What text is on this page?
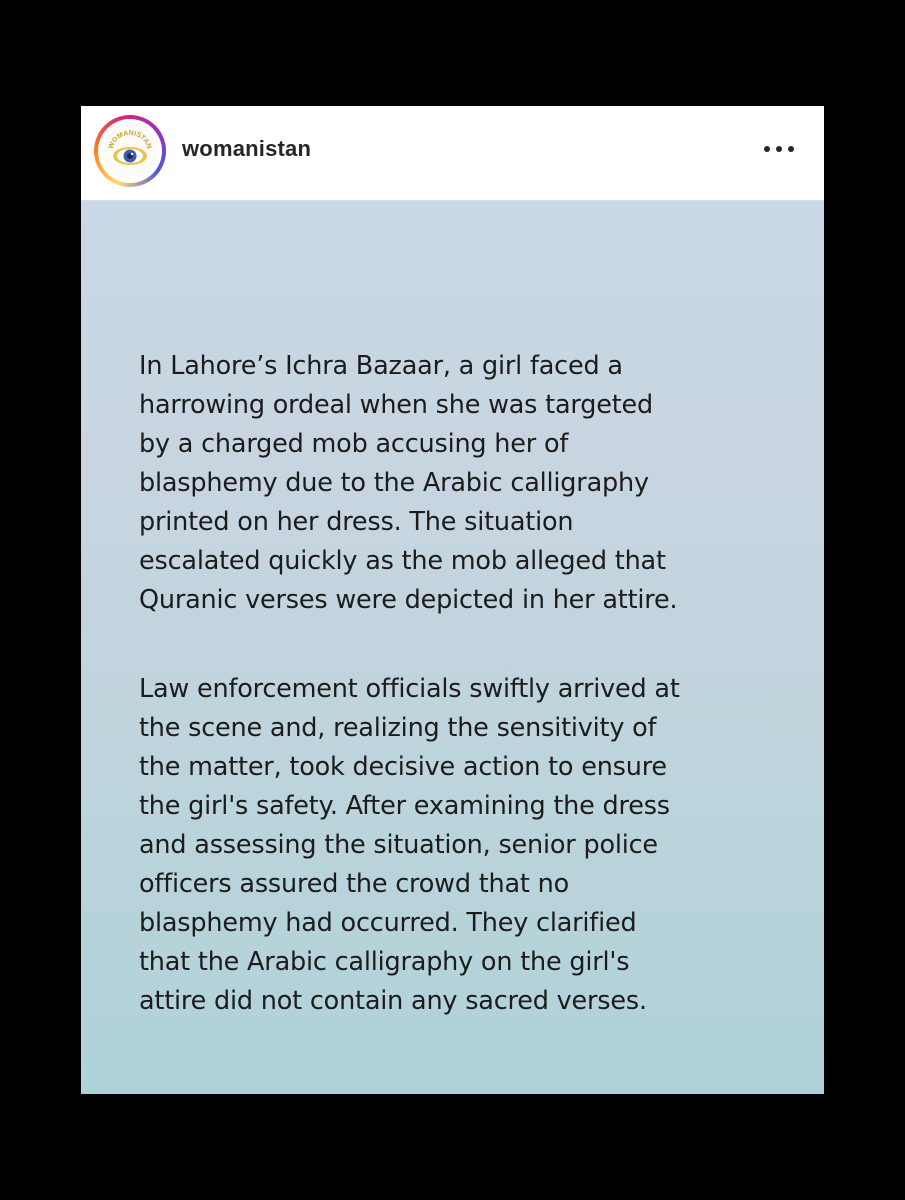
WOMANISTAN womanistan
In Lahore’s Ichra Bazaar, a girl faced a
harrowing ordeal when she was targeted
by a charged mob accusing her of
blasphemy due to the Arabic calligraphy
printed on her dress. The situation
escalated quickly as the mob alleged that
Quranic verses were depicted in her attire.
Law enforcement officials swiftly arrived at
the scene and, realizing the sensitivity of
the matter, took decisive action to ensure
the girl's safety. After examining the dress
and assessing the situation, senior police
officers assured the crowd that no
blasphemy had occurred. They clarified
that the Arabic calligraphy on the girl's
attire did not contain any sacred verses.
